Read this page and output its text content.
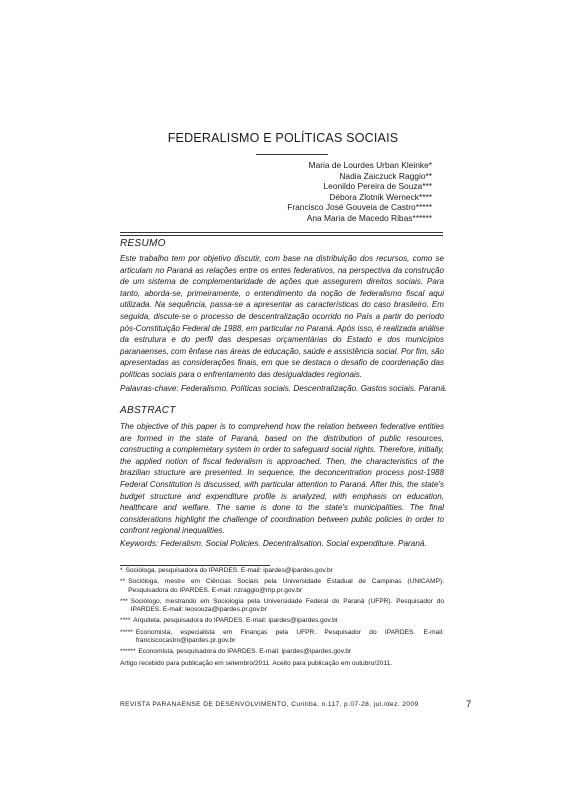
FEDERALISMO E POLÍTICAS SOCIAIS
Maria de Lourdes Urban Kleinke*
Nadia Zaiczuck Raggio**
Leonildo Pereira de Souza***
Débora Zlotnik Werneck****
Francisco José Gouveia de Castro*****
Ana Maria de Macedo Ribas******
RESUMO
Este trabalho tem por objetivo discutir, com base na distribuição dos recursos, como se articulam no Paraná as relações entre os entes federativos, na perspectiva da construção de um sistema de complementaridade de ações que assegurem direitos sociais. Para tanto, aborda-se, primeiramente, o entendimento da noção de federalismo fiscal aqui utilizada. Na sequência, passa-se a apresentar as características do caso brasileiro. Em seguida, discute-se o processo de descentralização ocorrido no País a partir do período pós-Constituição Federal de 1988, em particular no Paraná. Após isso, é realizada análise da estrutura e do perfil das despesas orçamentárias do Estado e dos municípios paranaenses, com ênfase nas áreas de educação, saúde e assistência social. Por fim, são apresentadas as considerações finais, em que se destaca o desafio de coordenação das políticas sociais para o enfrentamento das desigualdades regionais.
Palavras-chave: Federalismo. Políticas sociais. Descentralização. Gastos sociais. Paraná.
ABSTRACT
The objective of this paper is to comprehend how the relation between federative entities are formed in the state of Paraná, based on the distribution of public resources, constructing a complemetary system in order to safeguard social rights. Therefore, initially, the applied notion of fiscal federalism is approached. Then, the characteristics of the brazilian structure are presented. In sequence, the deconcentration process post-1988 Federal Constitution is discussed, with particular attention to Paraná. After this, the state's budget structure and expenditure profile is analyzed, with emphasis on education, healthcare and welfare. The same is done to the state's municipalities. The final considerations highlight the challenge of coordination between public policies in order to confront regional inequalities.
Keywords: Federalism. Social Policies. Decentralisation. Social expenditure. Paraná.
* Socióloga, pesquisadora do IPARDES. E-mail: ipardes@ipardes.gov.br
** Socióloga, mestre em Ciências Sociais pela Universidade Estadual de Campinas (UNICAMP). Pesquisadora do IPARDES. E-mail: nzraggio@mp.pr.gov.br
*** Sociólogo, mestrando em Sociologia pela Universidade Federal do Paraná (UFPR). Pesquisador do IPARDES. E-mail: leosouza@ipardes.pr.gov.br
**** Arquiteta, pesquisadora do IPARDES. E-mail: ipardes@ipardes.gov.br
***** Economista, especialista em Finanças pela UFPR. Pesquisador do IPARDES. E-mail: franciscocastro@ipardes.pr.gov.br
****** Economista, pesquisadora do IPARDES. E-mail: ipardes@ipardes.gov.br
Artigo recebido para publicação em setembro/2011. Aceito para publicação em outubro/2011.
REVISTA PARANAENSE DE DESENVOLVIMENTO, Curitiba, n.117, p.07-28, jul./dez. 2009	7
